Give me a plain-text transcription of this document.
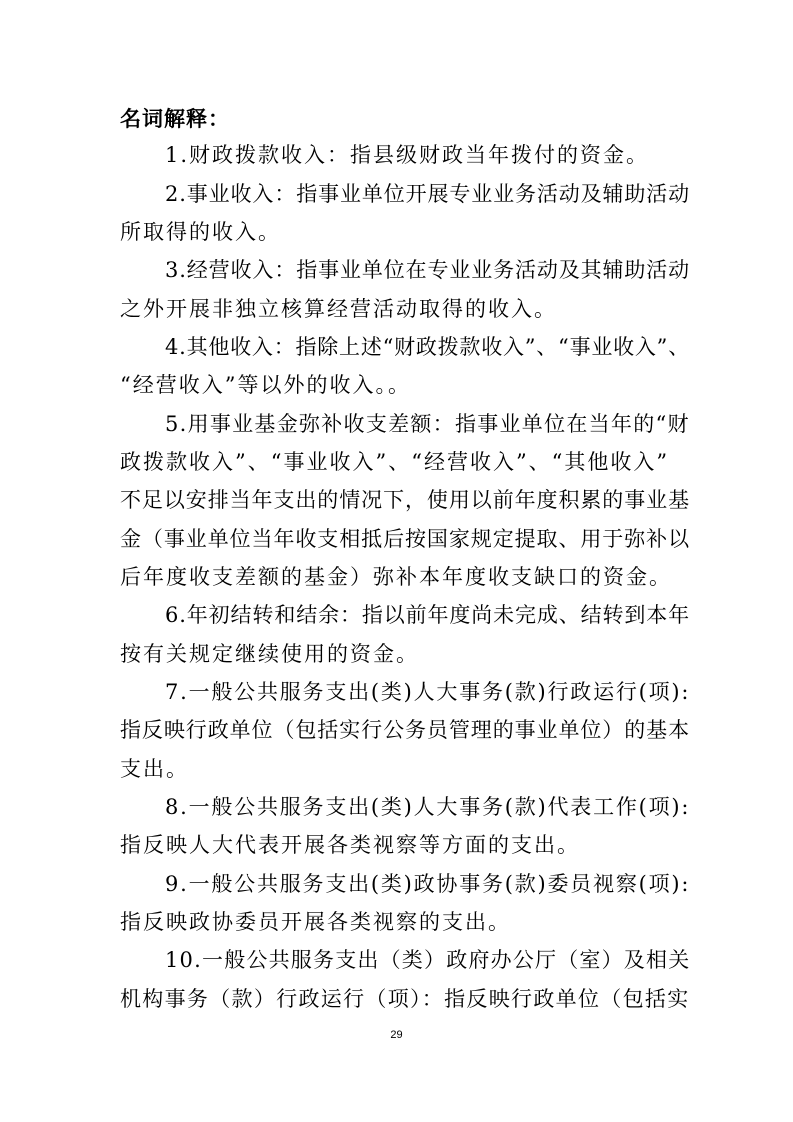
名词解释：
1.财政拨款收入：指县级财政当年拨付的资金。
2.事业收入：指事业单位开展专业业务活动及辅助活动
所取得的收入。
3.经营收入：指事业单位在专业业务活动及其辅助活动
之外开展非独立核算经营活动取得的收入。
4.其他收入：指除上述“财政拨款收入”、“事业收入”、
“经营收入”等以外的收入。。
5.用事业基金弥补收支差额：指事业单位在当年的“财
政拨款收入”、“事业收入”、“经营收入”、“其他收入”
不足以安排当年支出的情况下，使用以前年度积累的事业基
金（事业单位当年收支相抵后按国家规定提取、用于弥补以
后年度收支差额的基金）弥补本年度收支缺口的资金。
6.年初结转和结余：指以前年度尚未完成、结转到本年
按有关规定继续使用的资金。
7.一般公共服务支出(类)人大事务(款)行政运行(项):
指反映行政单位（包括实行公务员管理的事业单位）的基本
支出。
8.一般公共服务支出(类)人大事务(款)代表工作(项):
指反映人大代表开展各类视察等方面的支出。
9.一般公共服务支出(类)政协事务(款)委员视察(项):
指反映政协委员开展各类视察的支出。
10.一般公共服务支出（类）政府办公厅（室）及相关
机构事务（款）行政运行（项）：指反映行政单位（包括实
29
